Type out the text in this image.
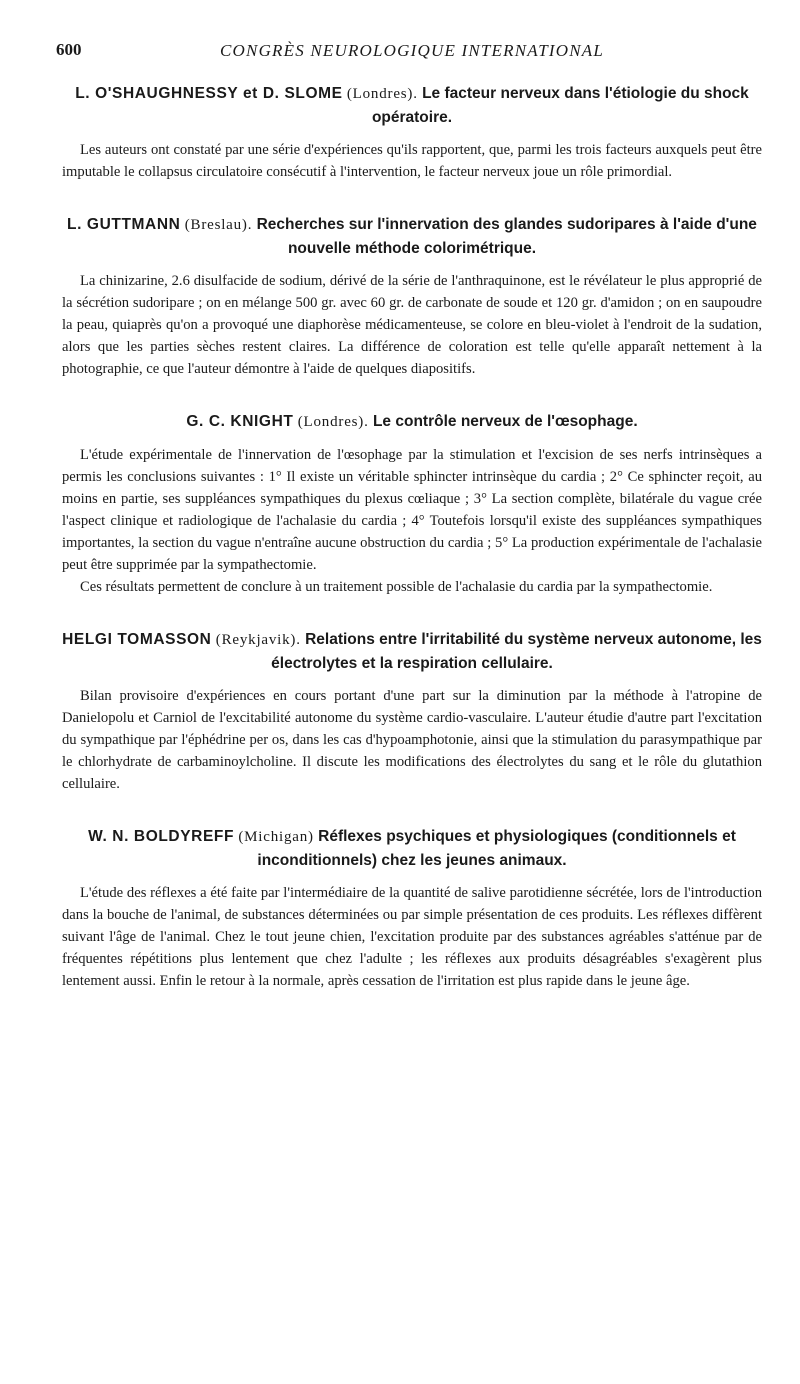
600	CONGRÈS NEUROLOGIQUE INTERNATIONAL
L. O'SHAUGHNESSY et D. SLOME (Londres). Le facteur nerveux dans l'étiologie du shock opératoire.

Les auteurs ont constaté par une série d'expériences qu'ils rapportent, que, parmi les trois facteurs auxquels peut être imputable le collapsus circulatoire consécutif à l'intervention, le facteur nerveux joue un rôle primordial.

L. GUTTMANN (Breslau). Recherches sur l'innervation des glandes sudoripares à l'aide d'une nouvelle méthode colorimétrique.

La chinizarine, 2.6 disulfacide de sodium, dérivé de la série de l'anthraquinone, est le révélateur le plus approprié de la sécrétion sudoripare ; on en mélange 500 gr. avec 60 gr. de carbonate de soude et 120 gr. d'amidon ; on en saupoudre la peau, quiaprès qu'on a provoqué une diaphorèse médicamenteuse, se colore en bleu-violet à l'endroit de la sudation, alors que les parties sèches restent claires. La différence de coloration est telle qu'elle apparaît nettement à la photographie, ce que l'auteur démontre à l'aide de quelques diapositifs.

G. C. KNIGHT (Londres). Le contrôle nerveux de l'œsophage.

L'étude expérimentale de l'innervation de l'œsophage par la stimulation et l'excision de ses nerfs intrinsèques a permis les conclusions suivantes : 1° Il existe un véritable sphincter intrinsèque du cardia ; 2° Ce sphincter reçoit, au moins en partie, ses suppléances sympathiques du plexus cœliaque ; 3° La section complète, bilatérale du vague crée l'aspect clinique et radiologique de l'achalasie du cardia ; 4° Toutefois lorsqu'il existe des suppléances sympathiques importantes, la section du vague n'entraîne aucune obstruction du cardia ; 5° La production expérimentale de l'achalasie peut être supprimée par la sympathectomie.

Ces résultats permettent de conclure à un traitement possible de l'achalasie du cardia par la sympathectomie.

HELGI TOMASSON (Reykjavik). Relations entre l'irritabilité du système nerveux autonome, les électrolytes et la respiration cellulaire.

Bilan provisoire d'expériences en cours portant d'une part sur la diminution par la méthode à l'atropine de Danielopolu et Carniol de l'excitabilité autonome du système cardio-vasculaire. L'auteur étudie d'autre part l'excitation du sympathique par l'éphédrine per os, dans les cas d'hypoamphotonie, ainsi que la stimulation du parasympathique par le chlorhydrate de carbaminoylcholine. Il discute les modifications des électrolytes du sang et le rôle du glutathion cellulaire.

W. N. BOLDYREFF (Michigan) Réflexes psychiques et physiologiques (conditionnels et inconditionnels) chez les jeunes animaux.

L'étude des réflexes a été faite par l'intermédiaire de la quantité de salive parotidienne sécrétée, lors de l'introduction dans la bouche de l'animal, de substances déterminées ou par simple présentation de ces produits. Les réflexes diffèrent suivant l'âge de l'animal. Chez le tout jeune chien, l'excitation produite par des substances agréables s'atténue par de fréquentes répétitions plus lentement que chez l'adulte ; les réflexes aux produits désagréables s'exagèrent plus lentement aussi. Enfin le retour à la normale, après cessation de l'irritation est plus rapide dans le jeune âge.
